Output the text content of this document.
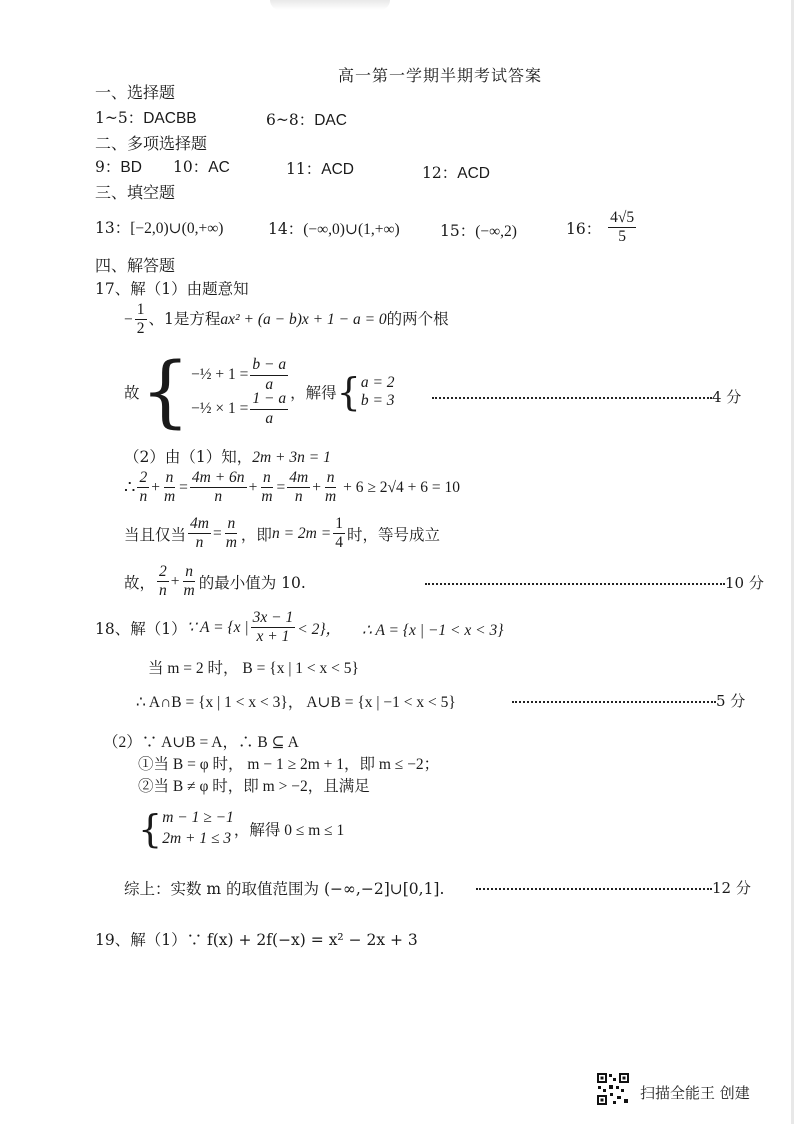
高一第一学期半期考试答案
一、选择题
1~5：DACBB	6~8：DAC
二、多项选择题
9：BD 10：AC	11：ACD	12：ACD
三、填空题
13：[−2,0)∪(0,+∞)	14：(−∞,0)∪(1,+∞)	15：(−∞,2)	16： $\frac{4√5}{5}$
四、解答题
17、解（1）由题意知
− $\frac{1}{2}$ 、1是方程ax² + (a − b)x + 1 − a = 0的两个根
故 { −½ + $1 = \frac{b - a}{a}$
−½ × $1 = \frac{1 - a}{a}$ ，解得 { a = 2
b = 3	4 分
（2）由（1）知，2m + 3n = 1
∴ $\frac{2}{n} + \frac{n}{m} = \frac{4m + 6n}{n} + \frac{n}{m} = \frac{4m}{n} + \frac{n}{m} + 6 \ge 2√4 + 6 = 10$
当且仅当 $\frac{4m}{n} = \frac{n}{m}$ ，即 $n = 2m = \frac{1}{4}$ 时，等号成立
故， $\frac{2}{n} + \frac{n}{m}$ 的最小值为 10.	10 分
18、解（1） ∵ A = {x | $\frac{3x - 1}{x + 1} < 2$}， ∴ A = {x | −1 < x < 3}
当 m = 2 时， B = {x | 1 < x < 5}
∴ A∩B = {x | 1 < x < 3}， A∪B = {x | −1 < x < 5}	5 分
（2）∵ A∪B = A，∴ B ⊆ A
①当 B = φ 时， m − 1 ≥ 2m + 1，即 m ≤ −2；
②当 B ≠ φ 时，即 m > −2，且满足
{ m − 1 ≥ −1
2m + 1 ≤ 3 ，解得 0 ≤ m ≤ 1
综上：实数 m 的取值范围为 (−∞,−2]∪[0,1].	12 分
19、解（1）∵ f(x) + 2f(−x) = x² − 2x + 3
扫描全能王 创建
